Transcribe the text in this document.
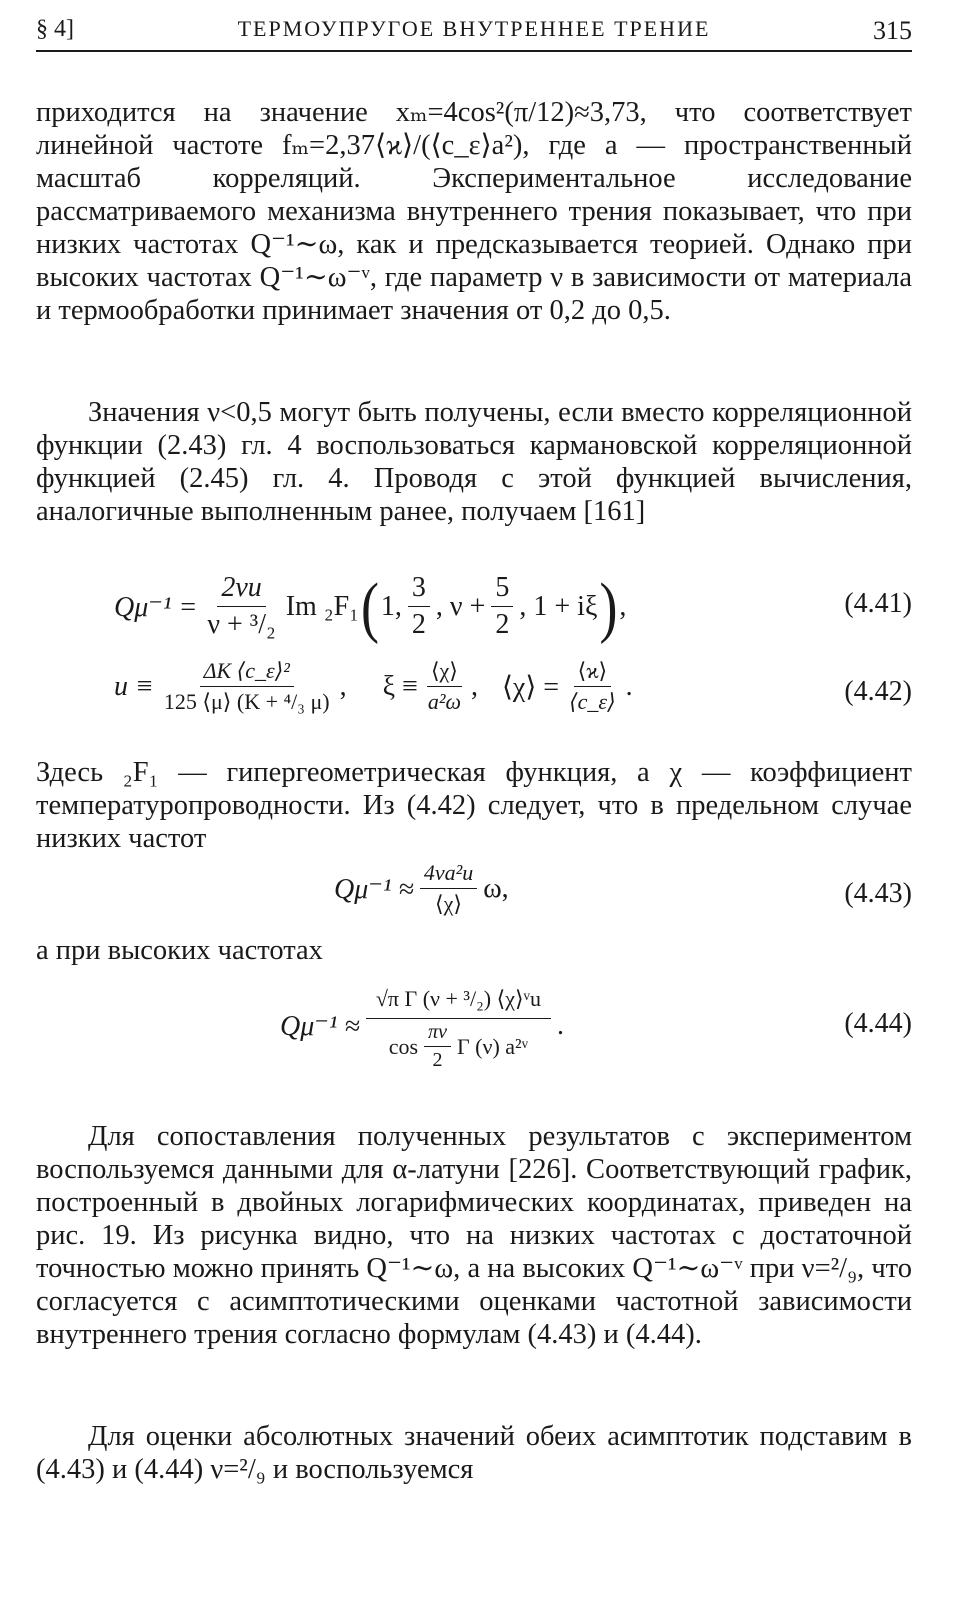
§ 4]	ТЕРМОУПРУГОЕ ВНУТРЕННЕЕ ТРЕНИЕ	315

приходится на значение xₘ=4cos²(π/12)≈3,73, что соответствует линейной частоте fₘ=2,37⟨ϰ⟩/(⟨c_ε⟩a²), где a — пространственный масштаб корреляций. Экспериментальное исследование рассматриваемого механизма внутреннего трения показывает, что при низких частотах Q⁻¹∼ω, как и предсказывается теорией. Однако при высоких частотах Q⁻¹∼ω⁻ᵛ, где параметр ν в зависимости от материала и термообработки принимает значения от 0,2 до 0,5.

Значения ν<0,5 могут быть получены, если вместо корреляционной функции (2.43) гл. 4 воспользоваться кармановской корреляционной функцией (2.45) гл. 4. Проводя с этой функцией вычисления, аналогичные выполненным ранее, получаем [161]

$Q\mu^{-1} = \frac{2\nu u}{\text{ν + ³/₂}}$ Im ₂F₁ ( 1, $\frac{3}{2}$ , $\nu + \frac{5}{2}$ , 1 + iξ ) ,	(4.41)
$u \equiv \frac{\text{ΔK ⟨c\_ε⟩²}}{\text{125 ⟨μ⟩ (K + ⁴/₃ μ)}}$ , $\xi \equiv \frac{⟨\chi⟩}{\text{a²ω}}$ , ⟨χ⟩ = $\frac{⟨ϰ⟩}{⟨c\_\varepsilon⟩}$ .	(4.42)

Здесь ₂F₁ — гипергеометрическая функция, а χ — коэффициент температуропроводности. Из (4.42) следует, что в предельном случае низких частот

$Q\mu^{-1} \approx \frac{\text{4νa²u}}{⟨\chi⟩} \omega$,	(4.43)

а при высоких частотах

Qμ⁻¹ ≈
√π Γ (ν + ³/₂) ⟨χ⟩ᵛu
$\cos \frac{\pi\nu}{2}$ Γ (ν) a²ᵛ
.	(4.44)

Для сопоставления полученных результатов с экспериментом воспользуемся данными для α-латуни [226]. Соответствующий график, построенный в двойных логарифмических координатах, приведен на рис. 19. Из рисунка видно, что на низких частотах с достаточной точностью можно принять Q⁻¹∼ω, а на высоких Q⁻¹∼ω⁻ᵛ при ν=²/₉, что согласуется с асимптотическими оценками частотной зависимости внутреннего трения согласно формулам (4.43) и (4.44).

Для оценки абсолютных значений обеих асимптотик подставим в (4.43) и (4.44) ν=²/₉ и воспользуемся
